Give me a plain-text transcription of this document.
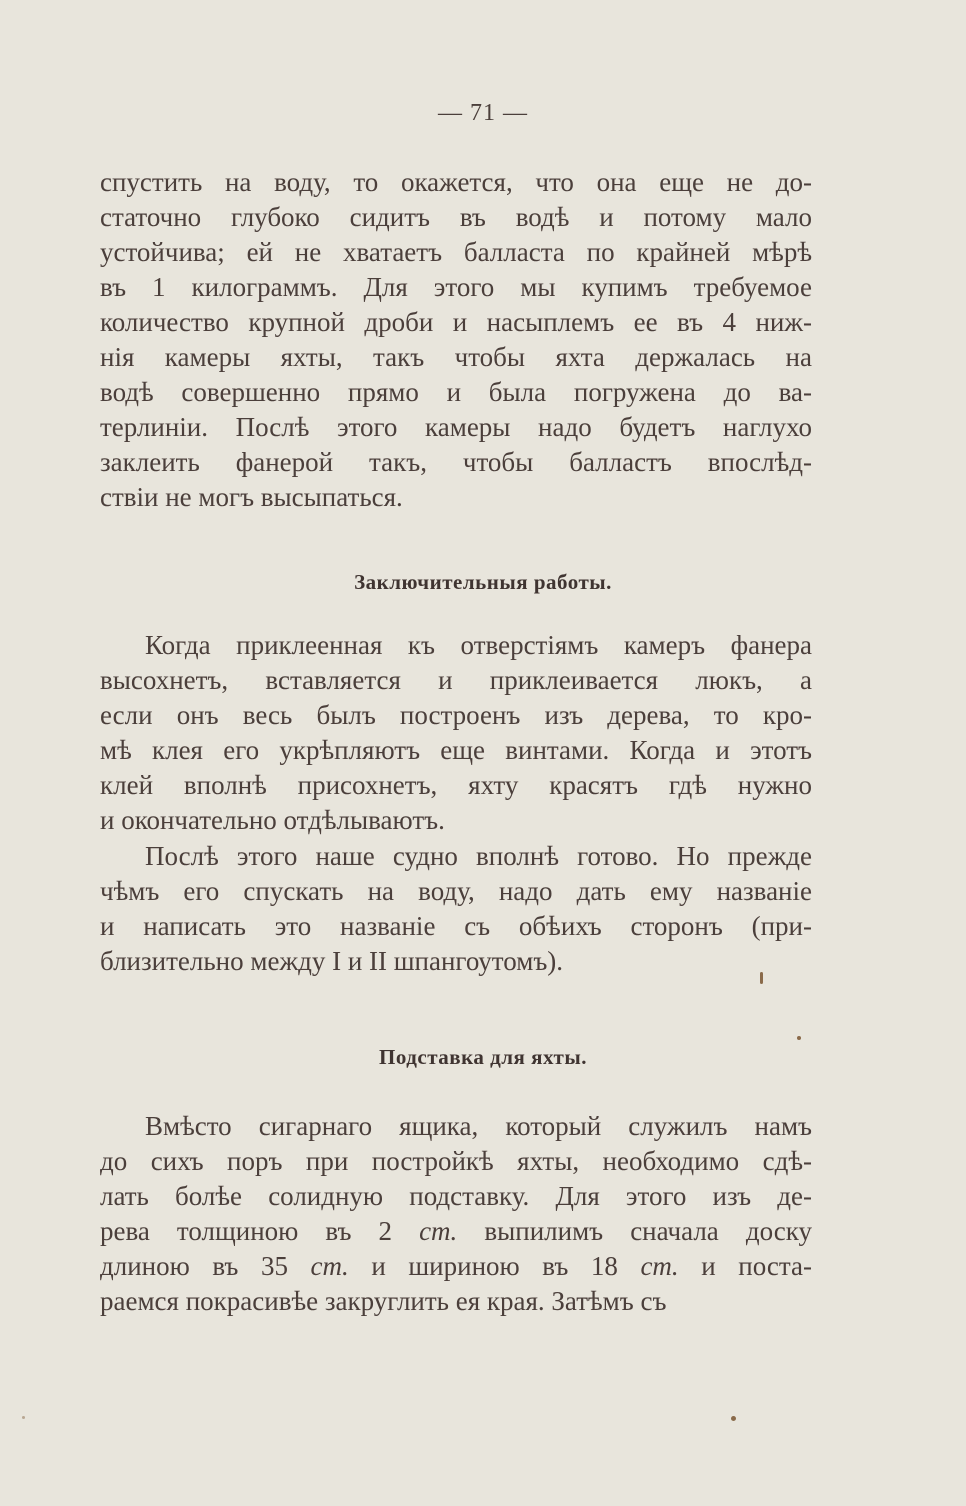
— 71 —
спустить на воду, то окажется, что она еще не до-
статочно глубоко сидитъ въ водѣ и потому мало
устойчива; ей не хватаетъ балласта по крайней мѣрѣ
въ 1 килограммъ. Для этого мы купимъ требуемое
количество крупной дроби и насыплемъ ее въ 4 ниж-
нія камеры яхты, такъ чтобы яхта держалась на
водѣ совершенно прямо и была погружена до ва-
терлиніи. Послѣ этого камеры надо будетъ наглухо
заклеить фанерой такъ, чтобы балластъ впослѣд-
ствіи не могъ высыпаться.
Заключительныя работы.
Когда приклеенная къ отверстіямъ камеръ фанера
высохнетъ, вставляется и приклеивается люкъ, а
если онъ весь былъ построенъ изъ дерева, то кро-
мѣ клея его укрѣпляютъ еще винтами. Когда и этотъ
клей вполнѣ присохнетъ, яхту красятъ гдѣ нужно
и окончательно отдѣлываютъ.
Послѣ этого наше судно вполнѣ готово. Но прежде
чѣмъ его спускать на воду, надо дать ему названіе
и написать это названіе съ обѣихъ сторонъ (при-
близительно между I и II шпангоутомъ).
Подставка для яхты.
Вмѣсто сигарнаго ящика, который служилъ намъ
до сихъ поръ при постройкѣ яхты, необходимо сдѣ-
лать болѣе солидную подставку. Для этого изъ де-
рева толщиною въ 2 cm. выпилимъ сначала доску
длиною въ 35 cm. и шириною въ 18 cm. и поста-
раемся покрасивѣе закруглить ея края. Затѣмъ съ
